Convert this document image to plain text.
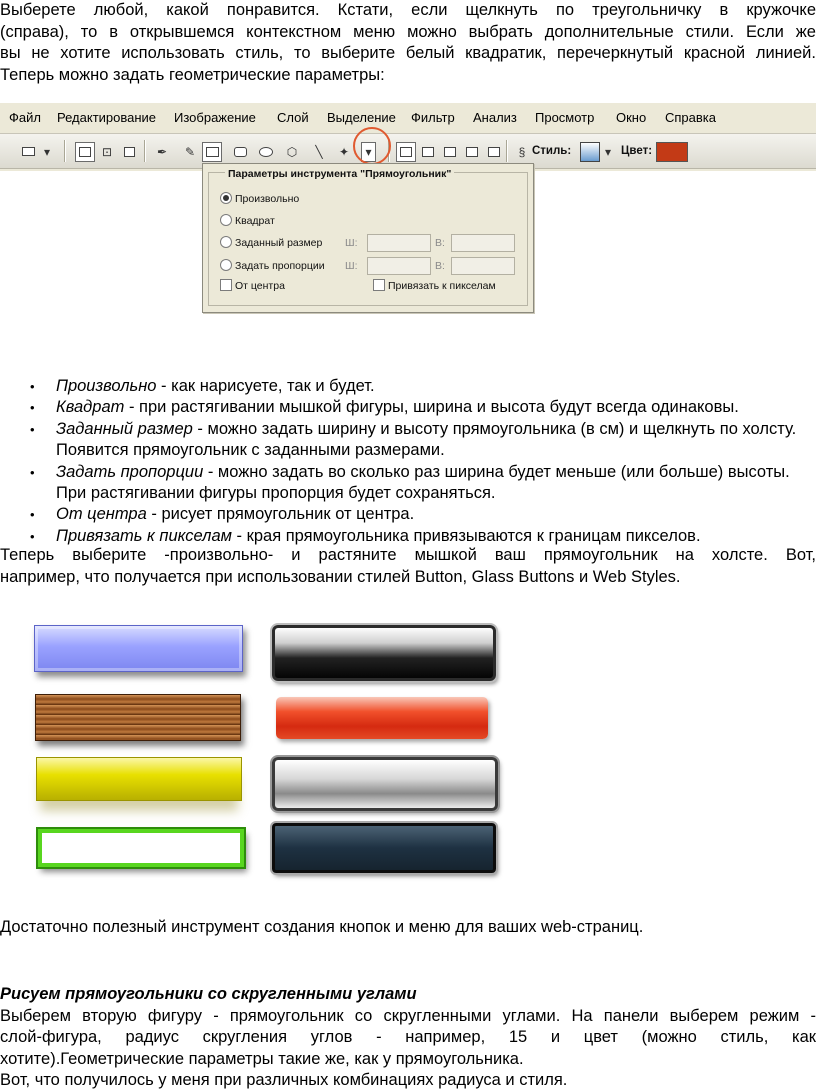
Выберете любой, какой понравится. Кстати, если щелкнуть по треугольничку в кружочке
(справа), то в открывшемся контекстном меню можно выбрать дополнительные стили. Если же
вы не хотите использовать стиль, то выберите белый квадратик, перечеркнутый красной линией.
Теперь можно задать геометрические параметры:
Файл Редактирование Изображение Слой Выделение Фильтр Анализ Просмотр Окно Справка
▾	⊡	✒	✎	⬡	╲	✦	▾	§ Стиль:	▾ Цвет:
Параметры инструмента "Прямоугольник"
Произвольно
Квадрат
Заданный размер
Задать пропорции
Ш:	В:
Ш:	В:
От центра	Привязать к пикселам
• Произвольно - как нарисуете, так и будет.
• Квадрат - при растягивании мышкой фигуры, ширина и высота будут всегда одинаковы.
• Заданный размер - можно задать ширину и высоту прямоугольника (в см) и щелкнуть по холсту. Появится прямоугольник с заданными размерами.
• Задать пропорции - можно задать во сколько раз ширина будет меньше (или больше) высоты. При растягивании фигуры пропорция будет сохраняться.
• От центра - рисует прямоугольник от центра.
• Привязать к пикселам - края прямоугольника привязываются к границам пикселов.
Теперь выберите -произвольно- и растяните мышкой ваш прямоугольник на холсте. Вот,
например, что получается при использовании стилей Button, Glass Buttons и Web Styles.
Достаточно полезный инструмент создания кнопок и меню для ваших web-страниц.
Рисуем прямоугольники со скругленными углами
Выберем вторую фигуру - прямоугольник со скругленными углами. На панели выберем режим -
слой-фигура, радиус скругления углов - например, 15 и цвет (можно стиль, как
хотите).Геометрические параметры такие же, как у прямоугольника.
Вот, что получилось у меня при различных комбинациях радиуса и стиля.
